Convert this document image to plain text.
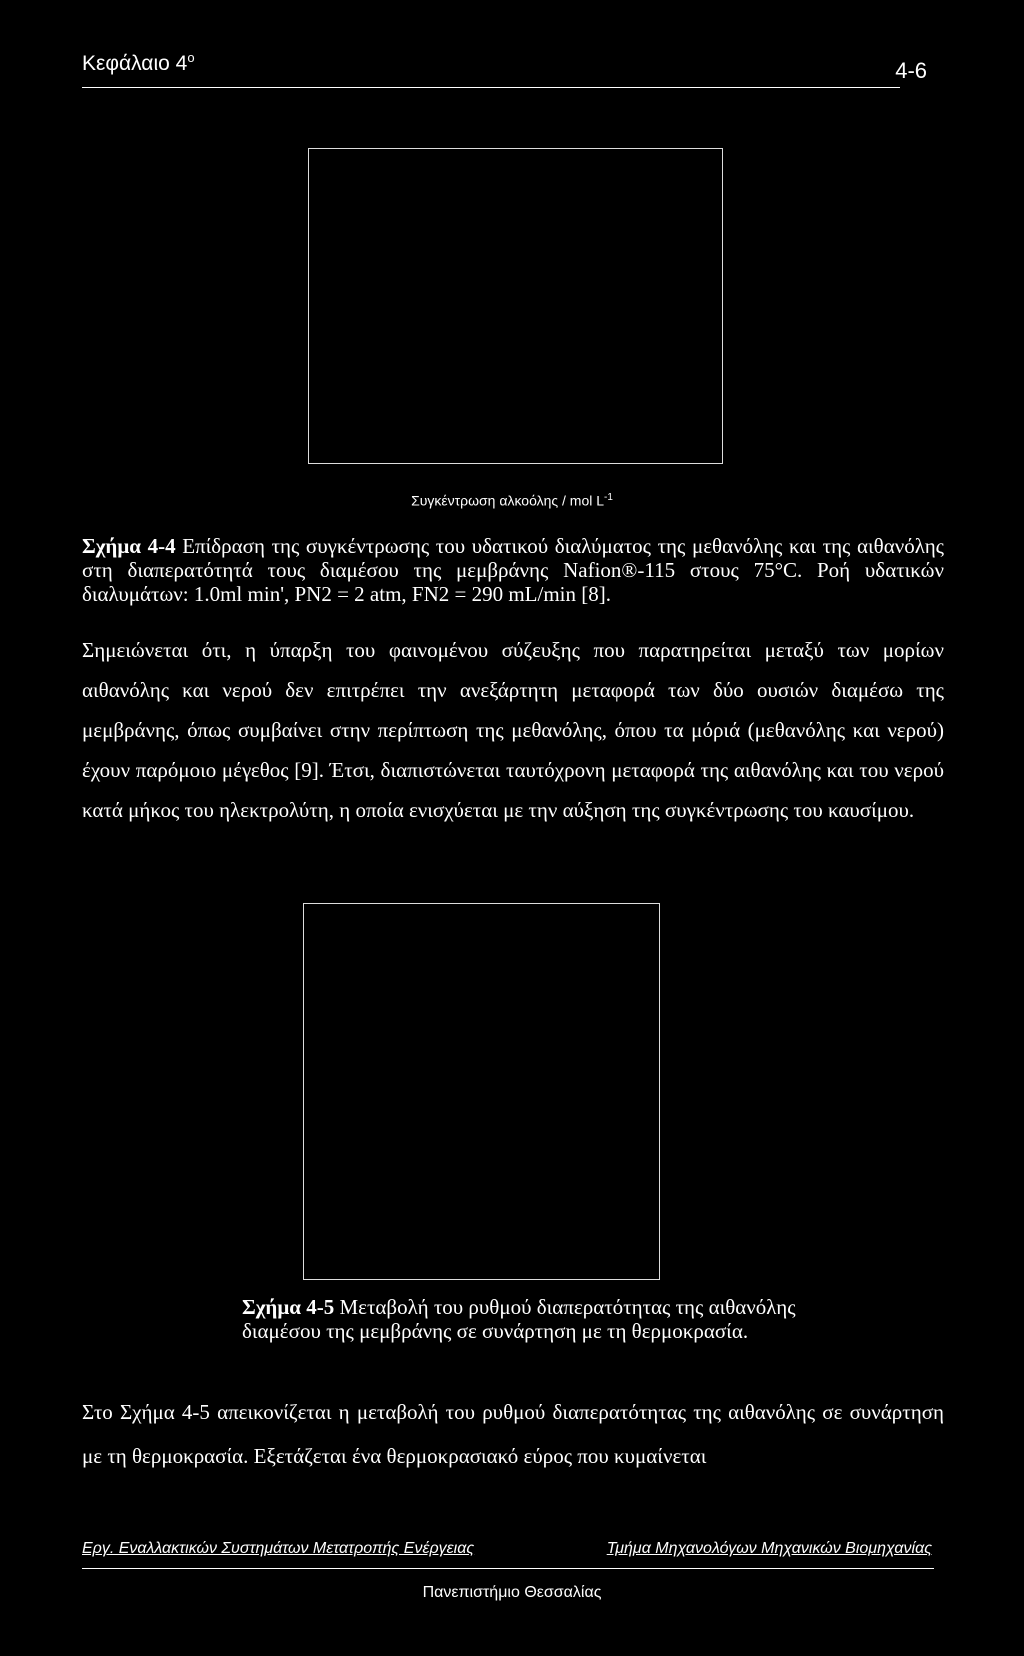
Κεφάλαιο $4^o$
4-6
Συγκέντρωση αλκοόλης / mol $L^{-1}$
Σχήμα 4-4 Επίδραση της συγκέντρωσης του υδατικού διαλύματος της μεθανόλης και της αιθανόλης στη διαπερατότητά τους διαμέσου της μεμβράνης Nafion®-115 στους 75°C. Ροή υδατικών διαλυμάτων: 1.0ml min', PN2 = 2 atm, FN2 = 290 mL/min [8].
Σημειώνεται ότι, η ύπαρξη του φαινομένου σύζευξης που παρατηρείται μεταξύ των μορίων αιθανόλης και νερού δεν επιτρέπει την ανεξάρτητη μεταφορά των δύο ουσιών διαμέσω της μεμβράνης, όπως συμβαίνει στην περίπτωση της μεθανόλης, όπου τα μόριά (μεθανόλης και νερού) έχουν παρόμοιο μέγεθος [9]. Έτσι, διαπιστώνεται ταυτόχρονη μεταφορά της αιθανόλης και του νερού κατά μήκος του ηλεκτρολύτη, η οποία ενισχύεται με την αύξηση της συγκέντρωσης του καυσίμου.
Σχήμα 4-5 Μεταβολή του ρυθμού διαπερατότητας της αιθανόλης διαμέσου της μεμβράνης σε συνάρτηση με τη θερμοκρασία.
Στο Σχήμα 4-5 απεικονίζεται η μεταβολή του ρυθμού διαπερατότητας της αιθανόλης σε συνάρτηση με τη θερμοκρασία. Εξετάζεται ένα θερμοκρασιακό εύρος που κυμαίνεται
Εργ. Εναλλακτικών Συστημάτων Μετατροπής Ενέργειας	Τμήμα Μηχανολόγων Μηχανικών Βιομηχανίας
Πανεπιστήμιο Θεσσαλίας
